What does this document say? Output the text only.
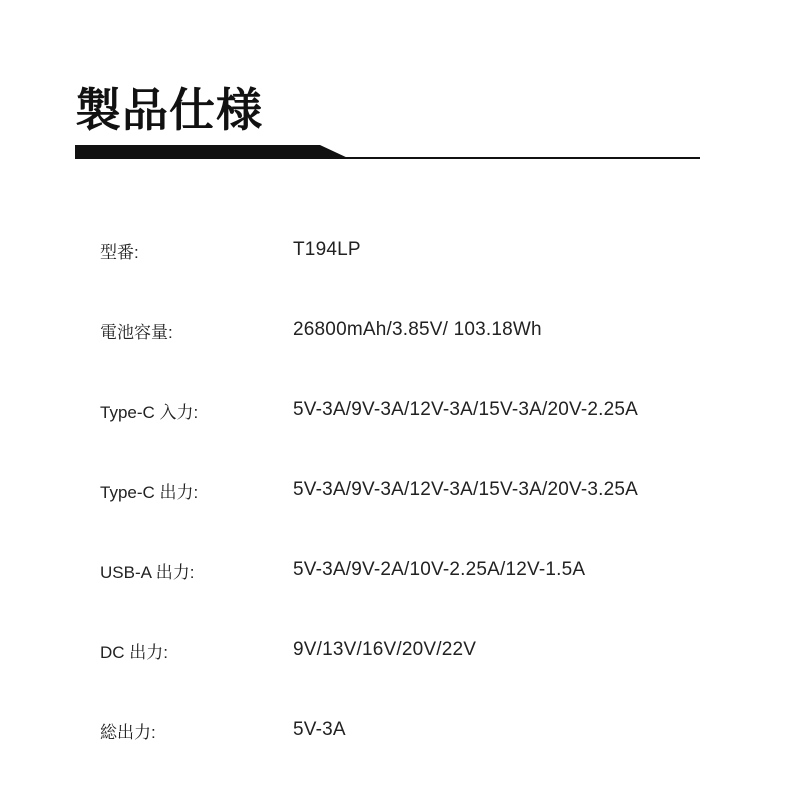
製品仕様
型番:	T194LP
電池容量:	26800mAh/3.85V/ 103.18Wh
Type-C 入力:	5V-3A/9V-3A/12V-3A/15V-3A/20V-2.25A
Type-C 出力:	5V-3A/9V-3A/12V-3A/15V-3A/20V-3.25A
USB-A 出力:	5V-3A/9V-2A/10V-2.25A/12V-1.5A
DC 出力:	9V/13V/16V/20V/22V
総出力:	5V-3A
